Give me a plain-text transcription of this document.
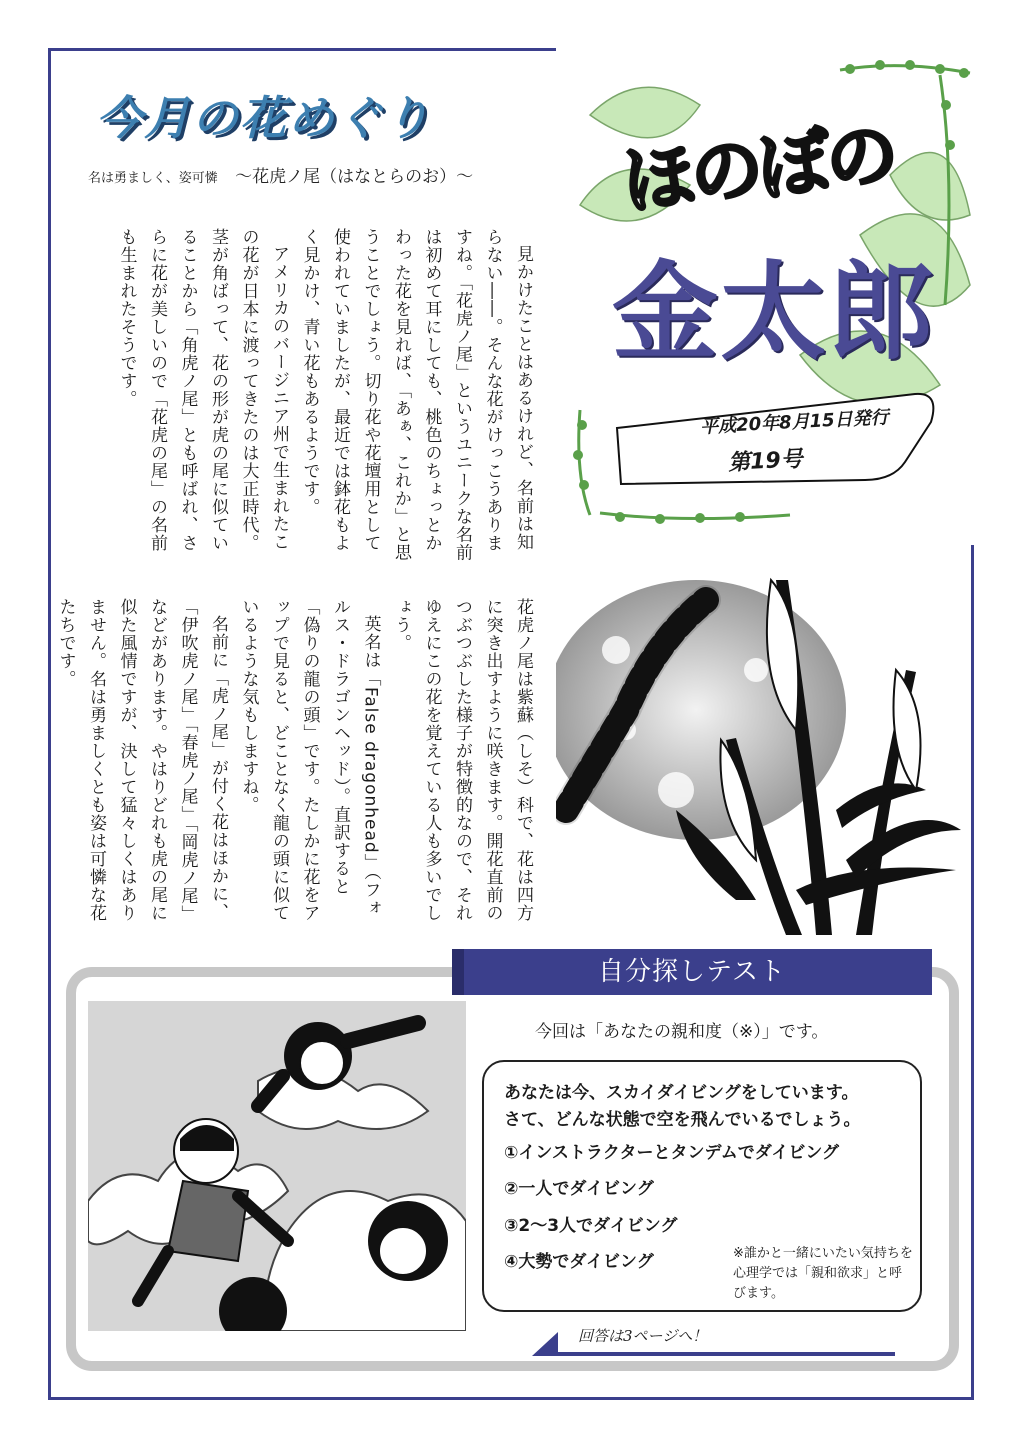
今月の花めぐり
名は勇ましく、姿可憐 〜花虎ノ尾（はなとらのお）〜

見かけたことはあるけれど、名前は知らない――。そんな花がけっこうありますね。「花虎ノ尾」というユニークな名前は初めて耳にしても、桃色のちょっとかわった花を見れば、「あぁ、これか」と思うことでしょう。切り花や花壇用として使われていましたが、最近では鉢花もよく見かけ、青い花もあるようです。

アメリカのバージニア州で生まれたこの花が日本に渡ってきたのは大正時代。茎が角ばって、花の形が虎の尾に似ていることから「角虎ノ尾」とも呼ばれ、さらに花が美しいので「花虎の尾」の名前も生まれたそうです。

花虎ノ尾は紫蘇（しそ）科で、花は四方に突き出すように咲きます。開花直前のつぶつぶした様子が特徴的なので、それゆえにこの花を覚えている人も多いでしょう。

英名は「False dragonhead」（フォルス・ドラゴンヘッド）。直訳すると「偽りの龍の頭」です。たしかに花をアップで見ると、どことなく龍の頭に似ているような気もしますね。

名前に「虎ノ尾」が付く花はほかに、「伊吹虎ノ尾」「春虎ノ尾」「岡虎ノ尾」などがあります。やはりどれも虎の尾に似た風情ですが、決して猛々しくはありません。名は勇ましくとも姿は可憐な花たちです。

ほのぼの
金太郎
平成20年8月15日発行
第19号
自分探しテスト
今回は「あなたの親和度（※）」です。
あなたは今、スカイダイビングをしています。
さて、どんな状態で空を飛んでいるでしょう。
①インストラクターとタンデムでダイビング
②一人でダイビング
③2〜3人でダイビング
④大勢でダイビング	※誰かと一緒にいたい気持ちを心理学では「親和欲求」と呼びます。
回答は3ページへ！
